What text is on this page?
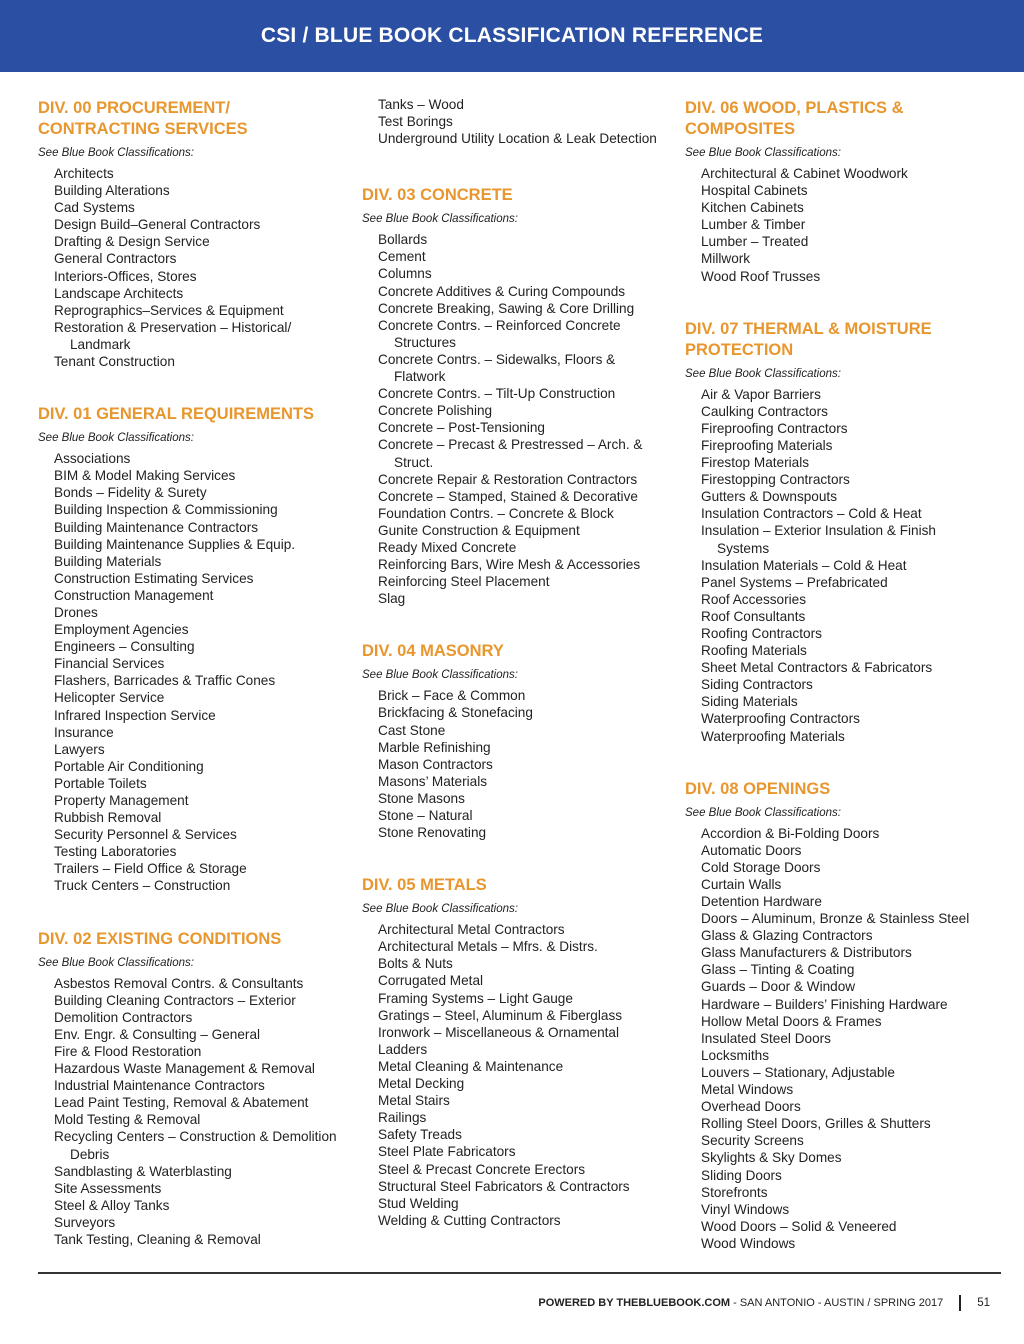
CSI / BLUE BOOK CLASSIFICATION REFERENCE
DIV. 00 PROCUREMENT/ CONTRACTING SERVICES
See Blue Book Classifications:
Architects
Building Alterations
Cad Systems
Design Build–General Contractors
Drafting & Design Service
General Contractors
Interiors-Offices, Stores
Landscape Architects
Reprographics–Services & Equipment
Restoration & Preservation – Historical/ Landmark
Tenant Construction
DIV. 01 GENERAL REQUIREMENTS
See Blue Book Classifications:
Associations
BIM & Model Making Services
Bonds – Fidelity & Surety
Building Inspection & Commissioning
Building Maintenance Contractors
Building Maintenance Supplies & Equip.
Building Materials
Construction Estimating Services
Construction Management
Drones
Employment Agencies
Engineers – Consulting
Financial Services
Flashers, Barricades & Traffic Cones
Helicopter Service
Infrared Inspection Service
Insurance
Lawyers
Portable Air Conditioning
Portable Toilets
Property Management
Rubbish Removal
Security Personnel & Services
Testing Laboratories
Trailers – Field Office & Storage
Truck Centers – Construction
DIV. 02 EXISTING CONDITIONS
See Blue Book Classifications:
Asbestos Removal Contrs. & Consultants
Building Cleaning Contractors – Exterior
Demolition Contractors
Env. Engr. & Consulting – General
Fire & Flood Restoration
Hazardous Waste Management & Removal
Industrial Maintenance Contractors
Lead Paint Testing, Removal & Abatement
Mold Testing & Removal
Recycling Centers – Construction & Demolition Debris
Sandblasting & Waterblasting
Site Assessments
Steel & Alloy Tanks
Surveyors
Tank Testing, Cleaning & Removal
Tanks – Wood
Test Borings
Underground Utility Location & Leak Detection
DIV. 03 CONCRETE
See Blue Book Classifications:
Bollards
Cement
Columns
Concrete Additives & Curing Compounds
Concrete Breaking, Sawing & Core Drilling
Concrete Contrs. – Reinforced Concrete Structures
Concrete Contrs. – Sidewalks, Floors & Flatwork
Concrete Contrs. – Tilt-Up Construction
Concrete Polishing
Concrete – Post-Tensioning
Concrete – Precast & Prestressed – Arch. & Struct.
Concrete Repair & Restoration Contractors
Concrete – Stamped, Stained & Decorative
Foundation Contrs. – Concrete & Block
Gunite Construction & Equipment
Ready Mixed Concrete
Reinforcing Bars, Wire Mesh & Accessories
Reinforcing Steel Placement
Slag
DIV. 04 MASONRY
See Blue Book Classifications:
Brick – Face & Common
Brickfacing & Stonefacing
Cast Stone
Marble Refinishing
Mason Contractors
Masons’ Materials
Stone Masons
Stone – Natural
Stone Renovating
DIV. 05 METALS
See Blue Book Classifications:
Architectural Metal Contractors
Architectural Metals – Mfrs. & Distrs.
Bolts & Nuts
Corrugated Metal
Framing Systems – Light Gauge
Gratings – Steel, Aluminum & Fiberglass
Ironwork – Miscellaneous & Ornamental
Ladders
Metal Cleaning & Maintenance
Metal Decking
Metal Stairs
Railings
Safety Treads
Steel Plate Fabricators
Steel & Precast Concrete Erectors
Structural Steel Fabricators & Contractors
Stud Welding
Welding & Cutting Contractors
DIV. 06 WOOD, PLASTICS & COMPOSITES
See Blue Book Classifications:
Architectural & Cabinet Woodwork
Hospital Cabinets
Kitchen Cabinets
Lumber & Timber
Lumber – Treated
Millwork
Wood Roof Trusses
DIV. 07 THERMAL & MOISTURE PROTECTION
See Blue Book Classifications:
Air & Vapor Barriers
Caulking Contractors
Fireproofing Contractors
Fireproofing Materials
Firestop Materials
Firestopping Contractors
Gutters & Downspouts
Insulation Contractors – Cold & Heat
Insulation – Exterior Insulation & Finish Systems
Insulation Materials – Cold & Heat
Panel Systems – Prefabricated
Roof Accessories
Roof Consultants
Roofing Contractors
Roofing Materials
Sheet Metal Contractors & Fabricators
Siding Contractors
Siding Materials
Waterproofing Contractors
Waterproofing Materials
DIV. 08 OPENINGS
See Blue Book Classifications:
Accordion & Bi-Folding Doors
Automatic Doors
Cold Storage Doors
Curtain Walls
Detention Hardware
Doors – Aluminum, Bronze & Stainless Steel
Glass & Glazing Contractors
Glass Manufacturers & Distributors
Glass – Tinting & Coating
Guards – Door & Window
Hardware – Builders’ Finishing Hardware
Hollow Metal Doors & Frames
Insulated Steel Doors
Locksmiths
Louvers – Stationary, Adjustable
Metal Windows
Overhead Doors
Rolling Steel Doors, Grilles & Shutters
Security Screens
Skylights & Sky Domes
Sliding Doors
Storefronts
Vinyl Windows
Wood Doors – Solid & Veneered
Wood Windows
POWERED BY THEBLUEBOOK.COM - SAN ANTONIO - AUSTIN / SPRING 2017	51
